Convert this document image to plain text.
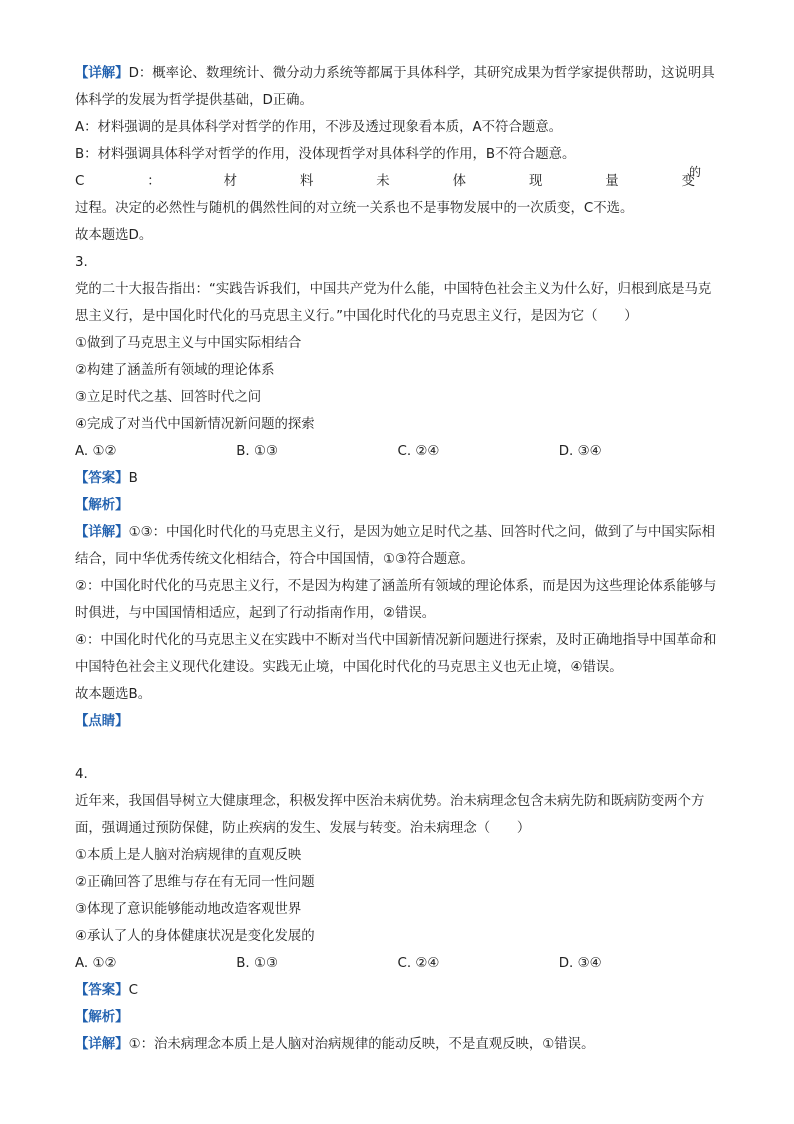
【详解】D：概率论、数理统计、微分动力系统等都属于具体科学，其研究成果为哲学家提供帮助，这说明具体科学的发展为哲学提供基础，D正确。
A：材料强调的是具体科学对哲学的作用，不涉及透过现象看本质，A不符合题意。
B：材料强调具体科学对哲学的作用，没体现哲学对具体科学的作用，B不符合题意。
C	：	材	料	未	体	现	量	变
的
过程。决定的必然性与随机的偶然性间的对立统一关系也不是事物发展中的一次质变，C不选。
故本题选D。
3.
党的二十大报告指出：“实践告诉我们，中国共产党为什么能，中国特色社会主义为什么好，归根到底是马克思主义行，是中国化时代化的马克思主义行。”中国化时代化的马克思主义行，是因为它（　　）
①做到了马克思主义与中国实际相结合
②构建了涵盖所有领域的理论体系
③立足时代之基、回答时代之问
④完成了对当代中国新情况新问题的探索
A. ①②	B. ①③	C. ②④	D. ③④
【答案】B
【解析】
【详解】①③：中国化时代化的马克思主义行，是因为她立足时代之基、回答时代之问，做到了与中国实际相结合，同中华优秀传统文化相结合，符合中国国情，①③符合题意。
②：中国化时代化的马克思主义行，不是因为构建了涵盖所有领域的理论体系，而是因为这些理论体系能够与时俱进，与中国国情相适应，起到了行动指南作用，②错误。
④：中国化时代化的马克思主义在实践中不断对当代中国新情况新问题进行探索，及时正确地指导中国革命和中国特色社会主义现代化建设。实践无止境，中国化时代化的马克思主义也无止境，④错误。
故本题选B。
【点睛】
4.
近年来，我国倡导树立大健康理念，积极发挥中医治未病优势。治未病理念包含未病先防和既病防变两个方面，强调通过预防保健，防止疾病的发生、发展与转变。治未病理念（　　）
①本质上是人脑对治病规律的直观反映
②正确回答了思维与存在有无同一性问题
③体现了意识能够能动地改造客观世界
④承认了人的身体健康状况是变化发展的
A. ①②	B. ①③	C. ②④	D. ③④
【答案】C
【解析】
【详解】①：治未病理念本质上是人脑对治病规律的能动反映，不是直观反映，①错误。
